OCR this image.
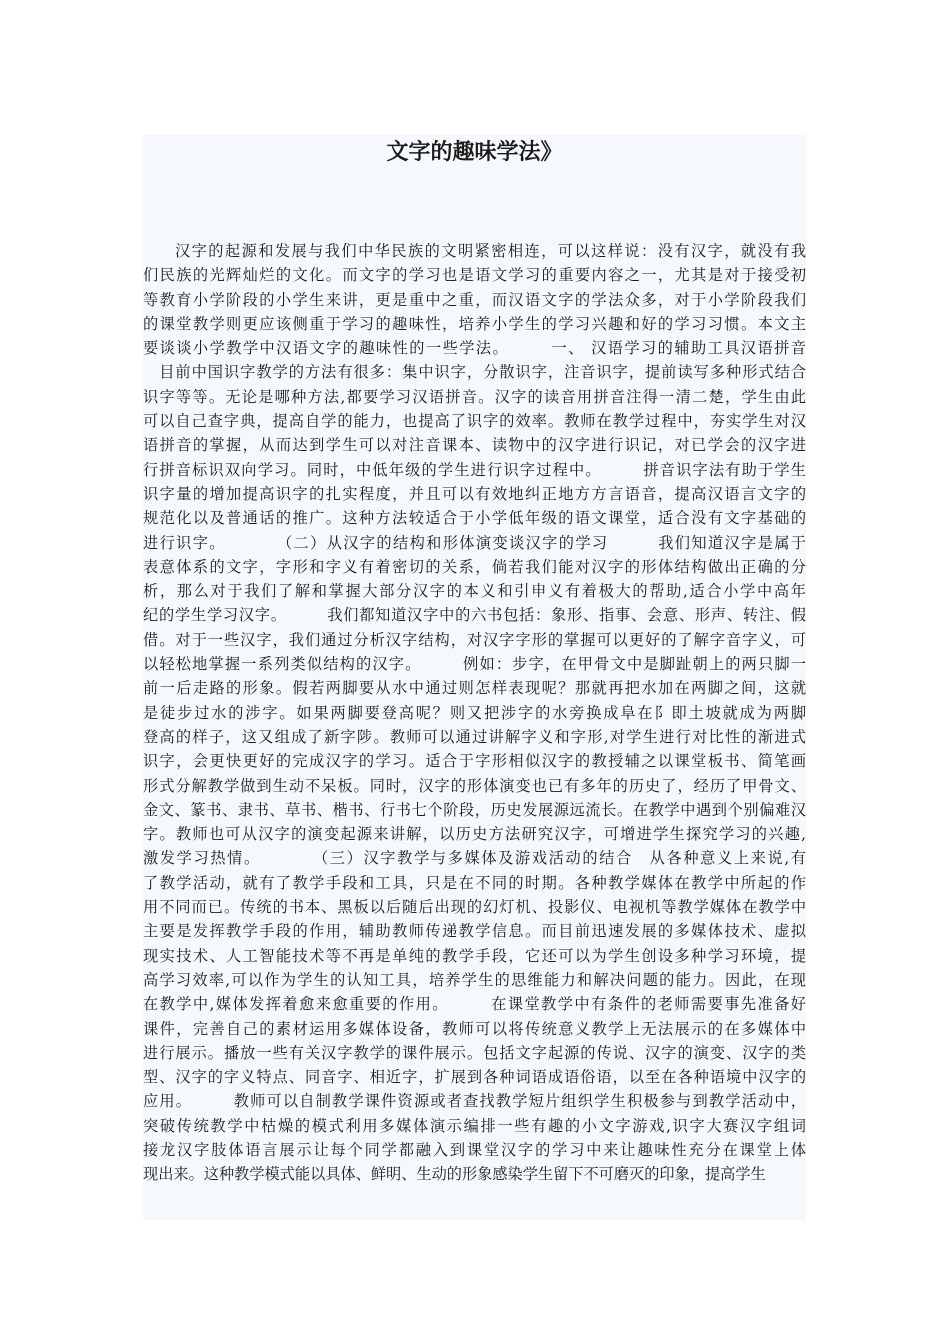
文字的趣味学法》
汉字的起源和发展与我们中华民族的文明紧密相连，可以这样说：没有汉字，就没有我
们民族的光辉灿烂的文化。而文字的学习也是语文学习的重要内容之一，尤其是对于接受初
等教育小学阶段的小学生来讲，更是重中之重，而汉语文字的学法众多，对于小学阶段我们
的课堂教学则更应该侧重于学习的趣味性，培养小学生的学习兴趣和好的学习习惯。本文主
要谈谈小学教学中汉语文字的趣味性的一些学法。　　　一、 汉语学习的辅助工具汉语拼音
　目前中国识字教学的方法有很多：集中识字，分散识字，注音识字，提前读写多种形式结合
识字等等。无论是哪种方法,都要学习汉语拼音。汉字的读音用拼音注得一清二楚，学生由此
可以自己查字典，提高自学的能力，也提高了识字的效率。教师在教学过程中，夯实学生对汉
语拼音的掌握，从而达到学生可以对注音课本、读物中的汉字进行识记，对已学会的汉字进
行拼音标识双向学习。同时，中低年级的学生进行识字过程中。　　　拼音识字法有助于学生
识字量的增加提高识字的扎实程度，并且可以有效地纠正地方方言语音，提高汉语言文字的
规范化以及普通话的推广。这种方法较适合于小学低年级的语文课堂，适合没有文字基础的
进行识字。　　　　（二）从汉字的结构和形体演变谈汉字的学习　　　我们知道汉字是属于
表意体系的文字，字形和字义有着密切的关系，倘若我们能对汉字的形体结构做出正确的分
析，那么对于我们了解和掌握大部分汉字的本义和引申义有着极大的帮助,适合小学中高年
纪的学生学习汉字。　　　我们都知道汉字中的六书包括：象形、指事、会意、形声、转注、假
借。对于一些汉字，我们通过分析汉字结构，对汉字字形的掌握可以更好的了解字音字义，可
以轻松地掌握一系列类似结构的汉字。　　　例如：步字，在甲骨文中是脚趾朝上的两只脚一
前一后走路的形象。假若两脚要从水中通过则怎样表现呢？那就再把水加在两脚之间，这就
是徒步过水的涉字。如果两脚要登高呢？则又把涉字的水旁换成阜在阝即土坡就成为两脚
登高的样子，这又组成了新字陟。教师可以通过讲解字义和字形,对学生进行对比性的渐进式
识字，会更快更好的完成汉字的学习。适合于字形相似汉字的教授辅之以课堂板书、简笔画
形式分解教学做到生动不呆板。同时，汉字的形体演变也已有多年的历史了，经历了甲骨文、
金文、篆书、隶书、草书、楷书、行书七个阶段，历史发展源远流长。在教学中遇到个别偏难汉
字。教师也可从汉字的演变起源来讲解，以历史方法研究汉字，可增进学生探究学习的兴趣,
激发学习热情。　　　　（三）汉字教学与多媒体及游戏活动的结合　从各种意义上来说,有
了教学活动，就有了教学手段和工具，只是在不同的时期。各种教学媒体在教学中所起的作
用不同而已。传统的书本、黑板以后随后出现的幻灯机、投影仪、电视机等教学媒体在教学中
主要是发挥教学手段的作用，辅助教师传递教学信息。而目前迅速发展的多媒体技术、虚拟
现实技术、人工智能技术等不再是单纯的教学手段，它还可以为学生创设多种学习环境，提
高学习效率,可以作为学生的认知工具，培养学生的思维能力和解决问题的能力。因此，在现
在教学中,媒体发挥着愈来愈重要的作用。　　　在课堂教学中有条件的老师需要事先准备好
课件，完善自己的素材运用多媒体设备，教师可以将传统意义教学上无法展示的在多媒体中
进行展示。播放一些有关汉字教学的课件展示。包括文字起源的传说、汉字的演变、汉字的类
型、汉字的字义特点、同音字、相近字，扩展到各种词语成语俗语，以至在各种语境中汉字的
应用。　　　教师可以自制教学课件资源或者查找教学短片组织学生积极参与到教学活动中，
突破传统教学中枯燥的模式利用多媒体演示编排一些有趣的小文字游戏,识字大赛汉字组词
接龙汉字肢体语言展示让每个同学都融入到课堂汉字的学习中来让趣味性充分在课堂上体
现出来。这种教学模式能以具体、鲜明、生动的形象感染学生留下不可磨灭的印象，提高学生
